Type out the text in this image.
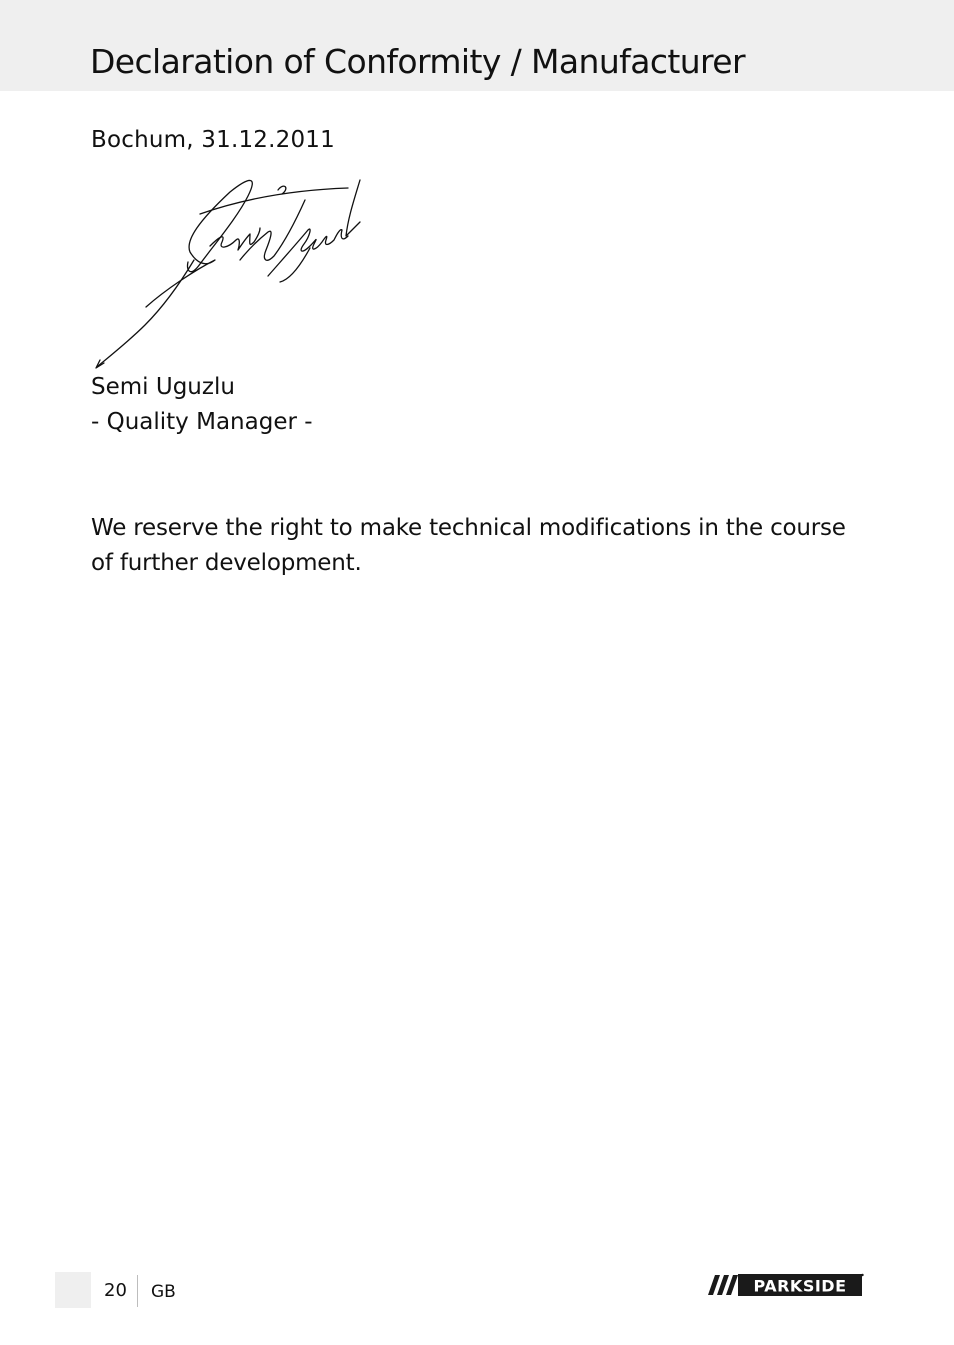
Declaration of Conformity / Manufacturer

Bochum, 31.12.2011

Semi Uguzlu

- Quality Manager -

We reserve the right to make technical modifications in the course of further development.

20 GB	PARKSIDE
